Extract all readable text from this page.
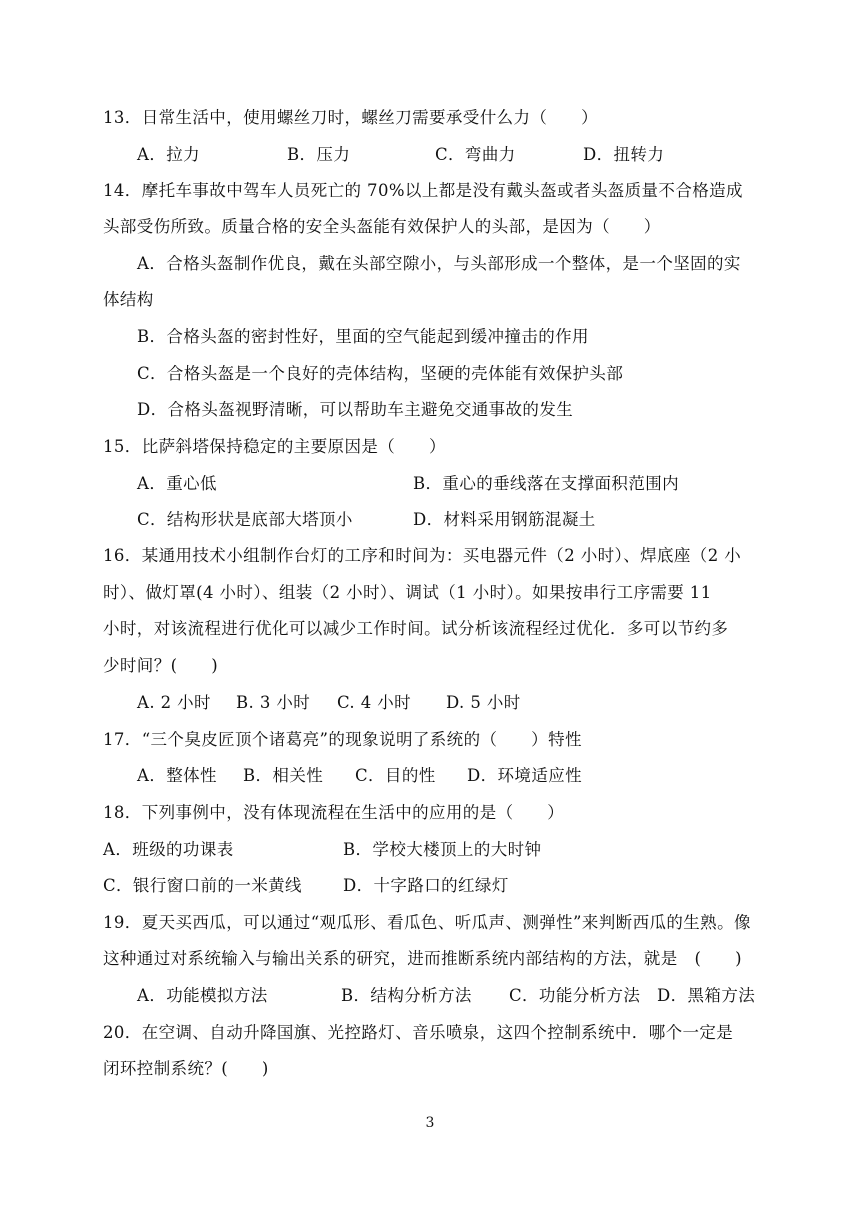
13．日常生活中，使用螺丝刀时，螺丝刀需要承受什么力（　　）
A．拉力	B．压力	C．弯曲力	D．扭转力
14．摩托车事故中驾车人员死亡的 70%以上都是没有戴头盔或者头盔质量不合格造成
头部受伤所致。质量合格的安全头盔能有效保护人的头部，是因为（　　）
A．合格头盔制作优良，戴在头部空隙小，与头部形成一个整体，是一个坚固的实
体结构
B．合格头盔的密封性好，里面的空气能起到缓冲撞击的作用
C．合格头盔是一个良好的壳体结构，坚硬的壳体能有效保护头部
D．合格头盔视野清晰，可以帮助车主避免交通事故的发生
15．比萨斜塔保持稳定的主要原因是（　　）
A．重心低	B．重心的垂线落在支撑面积范围内
C．结构形状是底部大塔顶小	D．材料采用钢筋混凝土
16．某通用技术小组制作台灯的工序和时间为：买电器元件（2 小时）、焊底座（2 小
时）、做灯罩(4 小时）、组装（2 小时）、调试（1 小时）。如果按串行工序需要 11
小时，对该流程进行优化可以减少工作时间。试分析该流程经过优化．多可以节约多
少时间？(　　)
A. 2 小时 B. 3 小时 C. 4 小时 D. 5 小时
17．“三个臭皮匠顶个诸葛亮”的现象说明了系统的（　　）特性
A．整体性 B．相关性 C．目的性 D．环境适应性
18．下列事例中，没有体现流程在生活中的应用的是（　　）
A．班级的功课表	B．学校大楼顶上的大时钟
C．银行窗口前的一米黄线 D．十字路口的红绿灯
19．夏天买西瓜，可以通过“观瓜形、看瓜色、听瓜声、测弹性”来判断西瓜的生熟。像
这种通过对系统输入与输出关系的研究，进而推断系统内部结构的方法，就是　(　　)
A．功能模拟方法	B．结构分析方法 C．功能分析方法 D．黑箱方法
20．在空调、自动升降国旗、光控路灯、音乐喷泉，这四个控制系统中．哪个一定是
闭环控制系统？(　　)
3
